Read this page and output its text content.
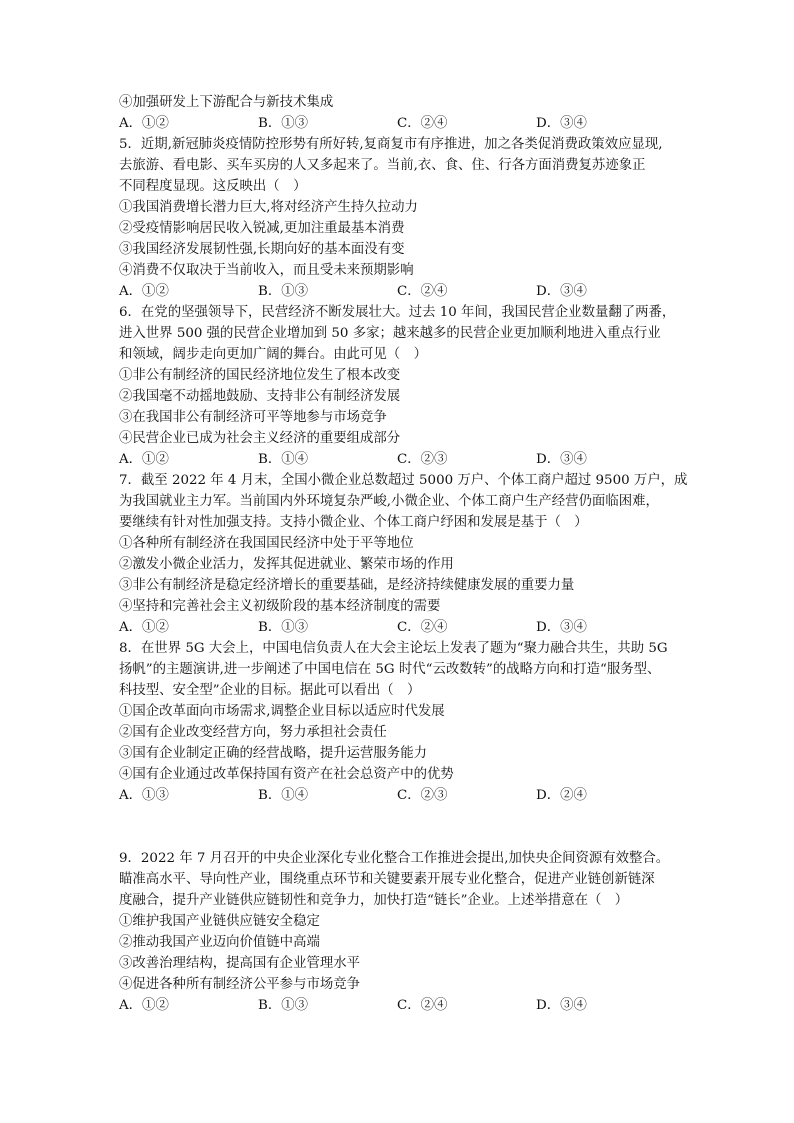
④加强研发上下游配合与新技术集成
A．①②	B．①③	C．②④	D．③④
5．近期,新冠肺炎疫情防控形势有所好转,复商复市有序推进，加之各类促消费政策效应显现,
去旅游、看电影、买车买房的人又多起来了。当前,衣、食、住、行各方面消费复苏迹象正
不同程度显现。这反映出（　）
①我国消费增长潜力巨大,将对经济产生持久拉动力
②受疫情影响居民收入锐减,更加注重最基本消费
③我国经济发展韧性强,长期向好的基本面没有变
④消费不仅取决于当前收入，而且受未来预期影响
A．①②	B．①③	C．②④	D．③④
6．在党的坚强领导下，民营经济不断发展壮大。过去 10 年间，我国民营企业数量翻了两番，
进入世界 500 强的民营企业增加到 50 多家；越来越多的民营企业更加顺利地进入重点行业
和领域，阔步走向更加广阔的舞台。由此可见（　）
①非公有制经济的国民经济地位发生了根本改变
②我国毫不动摇地鼓励、支持非公有制经济发展
③在我国非公有制经济可平等地参与市场竞争
④民营企业已成为社会主义经济的重要组成部分
A．①②	B．①④	C．②③	D．③④
7．截至 2022 年 4 月末，全国小微企业总数超过 5000 万户、个体工商户超过 9500 万户，成
为我国就业主力军。当前国内外环境复杂严峻,小微企业、个体工商户生产经营仍面临困难，
要继续有针对性加强支持。支持小微企业、个体工商户纾困和发展是基于（　）
①各种所有制经济在我国国民经济中处于平等地位
②激发小微企业活力，发挥其促进就业、繁荣市场的作用
③非公有制经济是稳定经济增长的重要基础，是经济持续健康发展的重要力量
④坚持和完善社会主义初级阶段的基本经济制度的需要
A．①②	B．①③	C．②④	D．③④
8．在世界 5G 大会上，中国电信负责人在大会主论坛上发表了题为“聚力融合共生，共助 5G
扬帆”的主题演讲,进一步阐述了中国电信在 5G 时代“云改数转”的战略方向和打造“服务型、
科技型、安全型”企业的目标。据此可以看出（　）
①国企改革面向市场需求,调整企业目标以适应时代发展
②国有企业改变经营方向，努力承担社会责任
③国有企业制定正确的经营战略，提升运营服务能力
④国有企业通过改革保持国有资产在社会总资产中的优势
A．①③	B．①④	C．②③	D．②④
9．2022 年 7 月召开的中央企业深化专业化整合工作推进会提出,加快央企间资源有效整合。
瞄准高水平、导向性产业，围绕重点环节和关键要素开展专业化整合，促进产业链创新链深
度融合，提升产业链供应链韧性和竞争力，加快打造“链长”企业。上述举措意在（　）
①维护我国产业链供应链安全稳定
②推动我国产业迈向价值链中高端
③改善治理结构，提高国有企业管理水平
④促进各种所有制经济公平参与市场竞争
A．①②	B．①③	C．②④	D．③④
